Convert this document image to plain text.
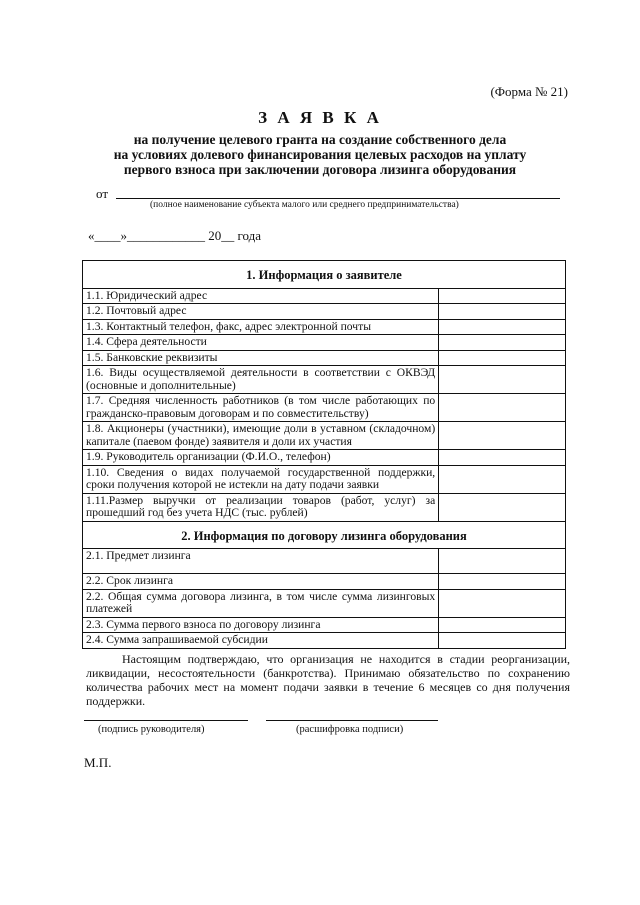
(Форма № 21)
З А Я В К А
на получение целевого гранта на создание собственного дела
на условиях долевого финансирования целевых расходов на уплату
первого взноса при заключении договора лизинга оборудования
от
(полное наименование субъекта малого или среднего предпринимательства)
«____»____________ 20__ года
1. Информация о заявителе	
1.1. Юридический адрес	
1.2. Почтовый адрес	
1.3. Контактный телефон, факс, адрес электронной почты	
1.4. Сфера деятельности	
1.5. Банковские реквизиты	
1.6. Виды осуществляемой деятельности в соответствии с ОКВЭД (основные и дополнительные)	
1.7. Средняя численность работников (в том числе работающих по гражданско-правовым договорам и по совместительству)	
1.8. Акционеры (участники), имеющие доли в уставном (складочном) капитале (паевом фонде) заявителя и доли их участия	
1.9. Руководитель организации (Ф.И.О., телефон)	
1.10. Сведения о видах получаемой государственной поддержки, сроки получения которой не истекли на дату подачи заявки	
1.11.Размер выручки от реализации товаров (работ, услуг) за прошедший год без учета НДС (тыс. рублей)	
2. Информация по договору лизинга оборудования	
2.1. Предмет лизинга	
2.2. Срок лизинга	
2.2. Общая сумма договора лизинга, в том числе сумма лизинговых платежей	
2.3. Сумма первого взноса по договору лизинга	
2.4. Сумма запрашиваемой субсидии	
Настоящим подтверждаю, что организация не находится в стадии реорганизации, ликвидации, несостоятельности (банкротства). Принимаю обязательство по сохранению количества рабочих мест на момент подачи заявки в течение 6 месяцев со дня получения поддержки.
(подпись руководителя)	(расшифровка подписи)
М.П.
